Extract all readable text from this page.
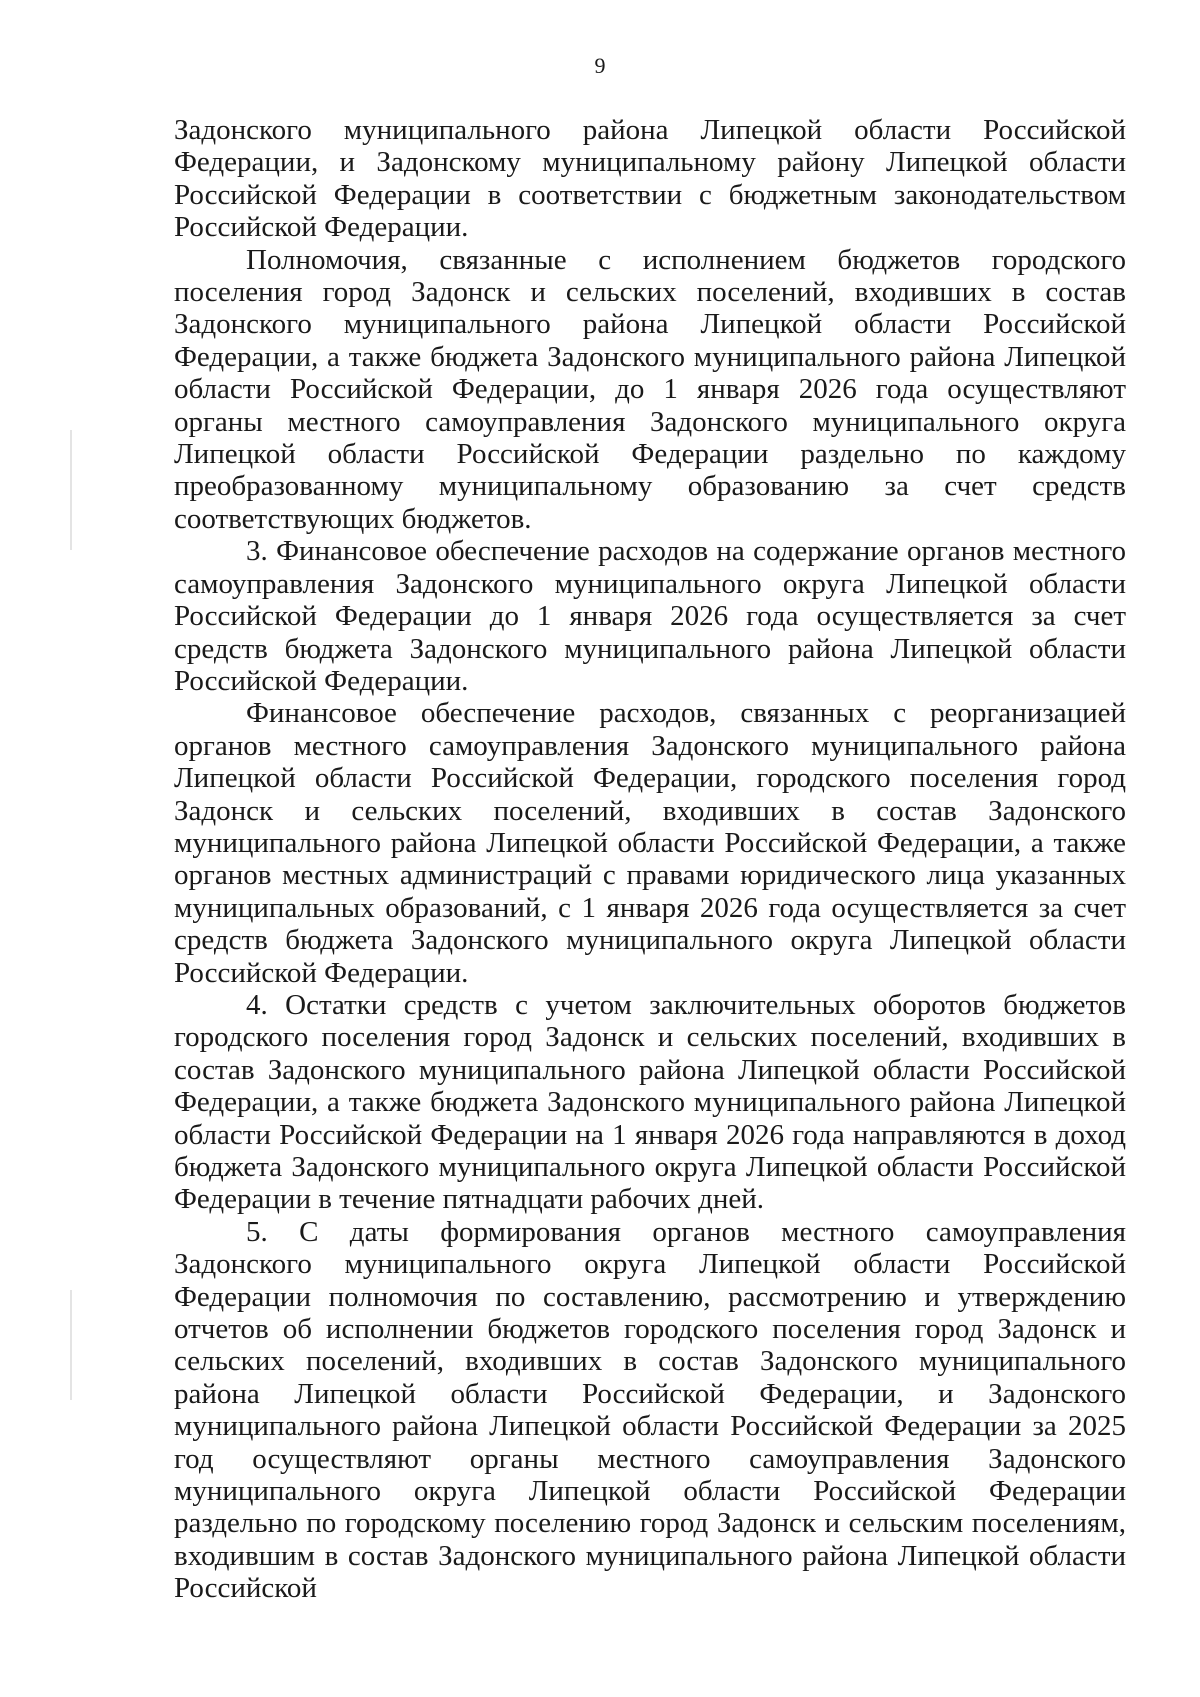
9

Задонского муниципального района Липецкой области Российской Федерации, и Задонскому муниципальному району Липецкой области Российской Федерации в соответствии с бюджетным законодательством Российской Федерации.

Полномочия, связанные с исполнением бюджетов городского поселения город Задонск и сельских поселений, входивших в состав Задонского муниципального района Липецкой области Российской Федерации, а также бюджета Задонского муниципального района Липецкой области Российской Федерации, до 1 января 2026 года осуществляют органы местного самоуправления Задонского муниципального округа Липецкой области Российской Федерации раздельно по каждому преобразованному муниципальному образованию за счет средств соответствующих бюджетов.

3. Финансовое обеспечение расходов на содержание органов местного самоуправления Задонского муниципального округа Липецкой области Российской Федерации до 1 января 2026 года осуществляется за счет средств бюджета Задонского муниципального района Липецкой области Российской Федерации.

Финансовое обеспечение расходов, связанных с реорганизацией органов местного самоуправления Задонского муниципального района Липецкой области Российской Федерации, городского поселения город Задонск и сельских поселений, входивших в состав Задонского муниципального района Липецкой области Российской Федерации, а также органов местных администраций с правами юридического лица указанных муниципальных образований, с 1 января 2026 года осуществляется за счет средств бюджета Задонского муниципального округа Липецкой области Российской Федерации.

4. Остатки средств с учетом заключительных оборотов бюджетов городского поселения город Задонск и сельских поселений, входивших в состав Задонского муниципального района Липецкой области Российской Федерации, а также бюджета Задонского муниципального района Липецкой области Российской Федерации на 1 января 2026 года направляются в доход бюджета Задонского муниципального округа Липецкой области Российской Федерации в течение пятнадцати рабочих дней.

5. С даты формирования органов местного самоуправления Задонского муниципального округа Липецкой области Российской Федерации полномочия по составлению, рассмотрению и утверждению отчетов об исполнении бюджетов городского поселения город Задонск и сельских поселений, входивших в состав Задонского муниципального района Липецкой области Российской Федерации, и Задонского муниципального района Липецкой области Российской Федерации за 2025 год осуществляют органы местного самоуправления Задонского муниципального округа Липецкой области Российской Федерации раздельно по городскому поселению город Задонск и сельским поселениям, входившим в состав Задонского муниципального района Липецкой области Российской
